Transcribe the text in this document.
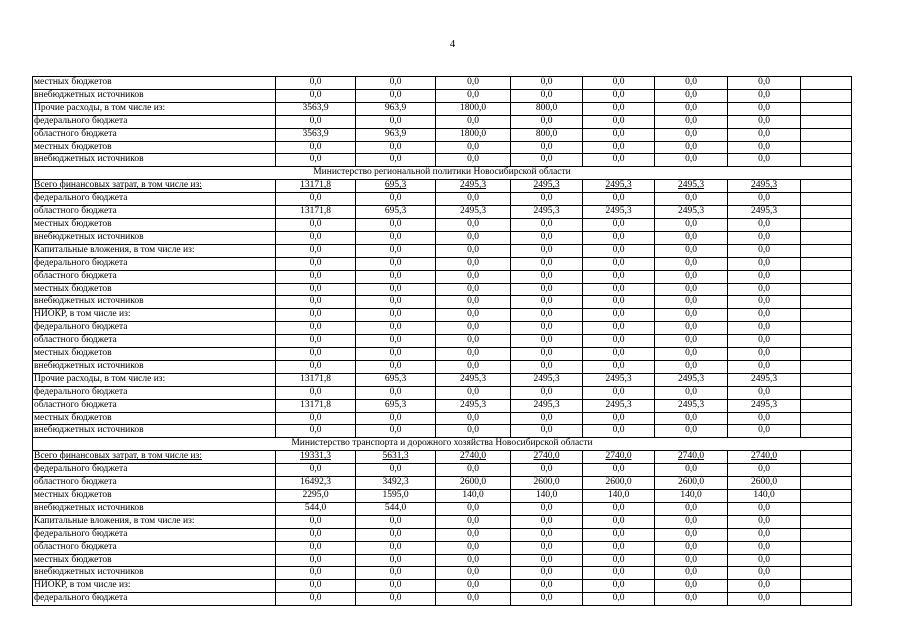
4
местных бюджетов	0,0	0,0	0,0	0,0	0,0	0,0	0,0	
внебюджетных источников	0,0	0,0	0,0	0,0	0,0	0,0	0,0	
Прочие расходы, в том числе из:	3563,9	963,9	1800,0	800,0	0,0	0,0	0,0	
федерального бюджета	0,0	0,0	0,0	0,0	0,0	0,0	0,0	
областного бюджета	3563,9	963,9	1800,0	800,0	0,0	0,0	0,0	
местных бюджетов	0,0	0,0	0,0	0,0	0,0	0,0	0,0	
внебюджетных источников	0,0	0,0	0,0	0,0	0,0	0,0	0,0	
Министерство региональной политики Новосибирской области								
Всего финансовых затрат, в том числе из:	13171,8	695,3	2495,3	2495,3	2495,3	2495,3	2495,3	
федерального бюджета	0,0	0,0	0,0	0,0	0,0	0,0	0,0	
областного бюджета	13171,8	695,3	2495,3	2495,3	2495,3	2495,3	2495,3	
местных бюджетов	0,0	0,0	0,0	0,0	0,0	0,0	0,0	
внебюджетных источников	0,0	0,0	0,0	0,0	0,0	0,0	0,0	
Капитальные вложения, в том числе из:	0,0	0,0	0,0	0,0	0,0	0,0	0,0	
федерального бюджета	0,0	0,0	0,0	0,0	0,0	0,0	0,0	
областного бюджета	0,0	0,0	0,0	0,0	0,0	0,0	0,0	
местных бюджетов	0,0	0,0	0,0	0,0	0,0	0,0	0,0	
внебюджетных источников	0,0	0,0	0,0	0,0	0,0	0,0	0,0	
НИОКР, в том числе из:	0,0	0,0	0,0	0,0	0,0	0,0	0,0	
федерального бюджета	0,0	0,0	0,0	0,0	0,0	0,0	0,0	
областного бюджета	0,0	0,0	0,0	0,0	0,0	0,0	0,0	
местных бюджетов	0,0	0,0	0,0	0,0	0,0	0,0	0,0	
внебюджетных источников	0,0	0,0	0,0	0,0	0,0	0,0	0,0	
Прочие расходы, в том числе из:	13171,8	695,3	2495,3	2495,3	2495,3	2495,3	2495,3	
федерального бюджета	0,0	0,0	0,0	0,0	0,0	0,0	0,0	
областного бюджета	13171,8	695,3	2495,3	2495,3	2495,3	2495,3	2495,3	
местных бюджетов	0,0	0,0	0,0	0,0	0,0	0,0	0,0	
внебюджетных источников	0,0	0,0	0,0	0,0	0,0	0,0	0,0	
Министерство транспорта и дорожного хозяйства Новосибирской области								
Всего финансовых затрат, в том числе из:	19331,3	5631,3	2740,0	2740,0	2740,0	2740,0	2740,0	
федерального бюджета	0,0	0,0	0,0	0,0	0,0	0,0	0,0	
областного бюджета	16492,3	3492,3	2600,0	2600,0	2600,0	2600,0	2600,0	
местных бюджетов	2295,0	1595,0	140,0	140,0	140,0	140,0	140,0	
внебюджетных источников	544,0	544,0	0,0	0,0	0,0	0,0	0,0	
Капитальные вложения, в том числе из:	0,0	0,0	0,0	0,0	0,0	0,0	0,0	
федерального бюджета	0,0	0,0	0,0	0,0	0,0	0,0	0,0	
областного бюджета	0,0	0,0	0,0	0,0	0,0	0,0	0,0	
местных бюджетов	0,0	0,0	0,0	0,0	0,0	0,0	0,0	
внебюджетных источников	0,0	0,0	0,0	0,0	0,0	0,0	0,0	
НИОКР, в том числе из:	0,0	0,0	0,0	0,0	0,0	0,0	0,0	
федерального бюджета	0,0	0,0	0,0	0,0	0,0	0,0	0,0	
